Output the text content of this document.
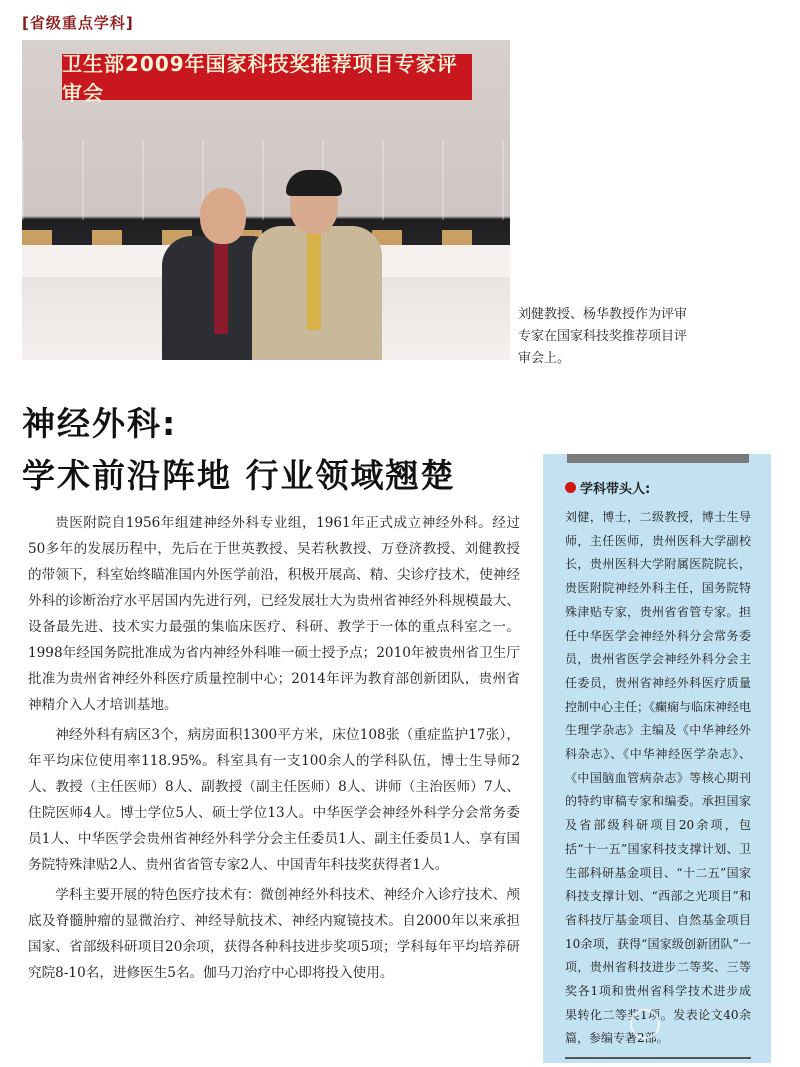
[省级重点学科]
卫生部2009年国家科技奖推荐项目专家评审会
刘健教授、杨华教授作为评审专家在国家科技奖推荐项目评审会上。
神经外科:
学术前沿阵地 行业领域翘楚

贵医附院自1956年组建神经外科专业组，1961年正式成立神经外科。经过50多年的发展历程中，先后在于世英教授、吴若秋教授、万登济教授、刘健教授的带领下，科室始终瞄准国内外医学前沿，积极开展高、精、尖诊疗技术，使神经外科的诊断治疗水平居国内先进行列，已经发展壮大为贵州省神经外科规模最大、设备最先进、技术实力最强的集临床医疗、科研、教学于一体的重点科室之一。1998年经国务院批准成为省内神经外科唯一硕士授予点；2010年被贵州省卫生厅批准为贵州省神经外科医疗质量控制中心；2014年评为教育部创新团队，贵州省神精介入人才培训基地。

神经外科有病区3个，病房面积1300平方米，床位108张（重症监护17张），年平均床位使用率118.95%。科室具有一支100余人的学科队伍，博士生导师2人、教授（主任医师）8人、副教授（副主任医师）8人、讲师（主治医师）7人、住院医师4人。博士学位5人、硕士学位13人。中华医学会神经外科学分会常务委员1人、中华医学会贵州省神经外科学分会主任委员1人、副主任委员1人、享有国务院特殊津贴2人、贵州省省管专家2人、中国青年科技奖获得者1人。

学科主要开展的特色医疗技术有：微创神经外科技术、神经介入诊疗技术、颅底及脊髓肿瘤的显微治疗、神经导航技术、神经内窥镜技术。自2000年以来承担国家、省部级科研项目20余项，获得各种科技进步奖项5项；学科每年平均培养研究院8-10名，进修医生5名。伽马刀治疗中心即将投入使用。

学科带头人:
刘健，博士，二级教授，博士生导师，主任医师，贵州医科大学副校长，贵州医科大学附属医院院长，贵医附院神经外科主任，国务院特殊津贴专家，贵州省省管专家。担任中华医学会神经外科分会常务委员，贵州省医学会神经外科分会主任委员，贵州省神经外科医疗质量控制中心主任；《癫痫与临床神经电生理学杂志》主编及《中华神经外科杂志》、《中华神经医学杂志》、《中国脑血管病杂志》等核心期刊的特约审稿专家和编委。承担国家及省部级科研项目20余项，包括“十一五”国家科技支撑计划、卫生部科研基金项目、“十二五”国家科技支撑计划、“西部之光项目”和省科技厅基金项目、自然基金项目10余项，获得“国家级创新团队”一项，贵州省科技进步二等奖、三等奖各1项和贵州省科学技术进步成果转化二等奖1项。发表论文40余篇，参编专著2部。
